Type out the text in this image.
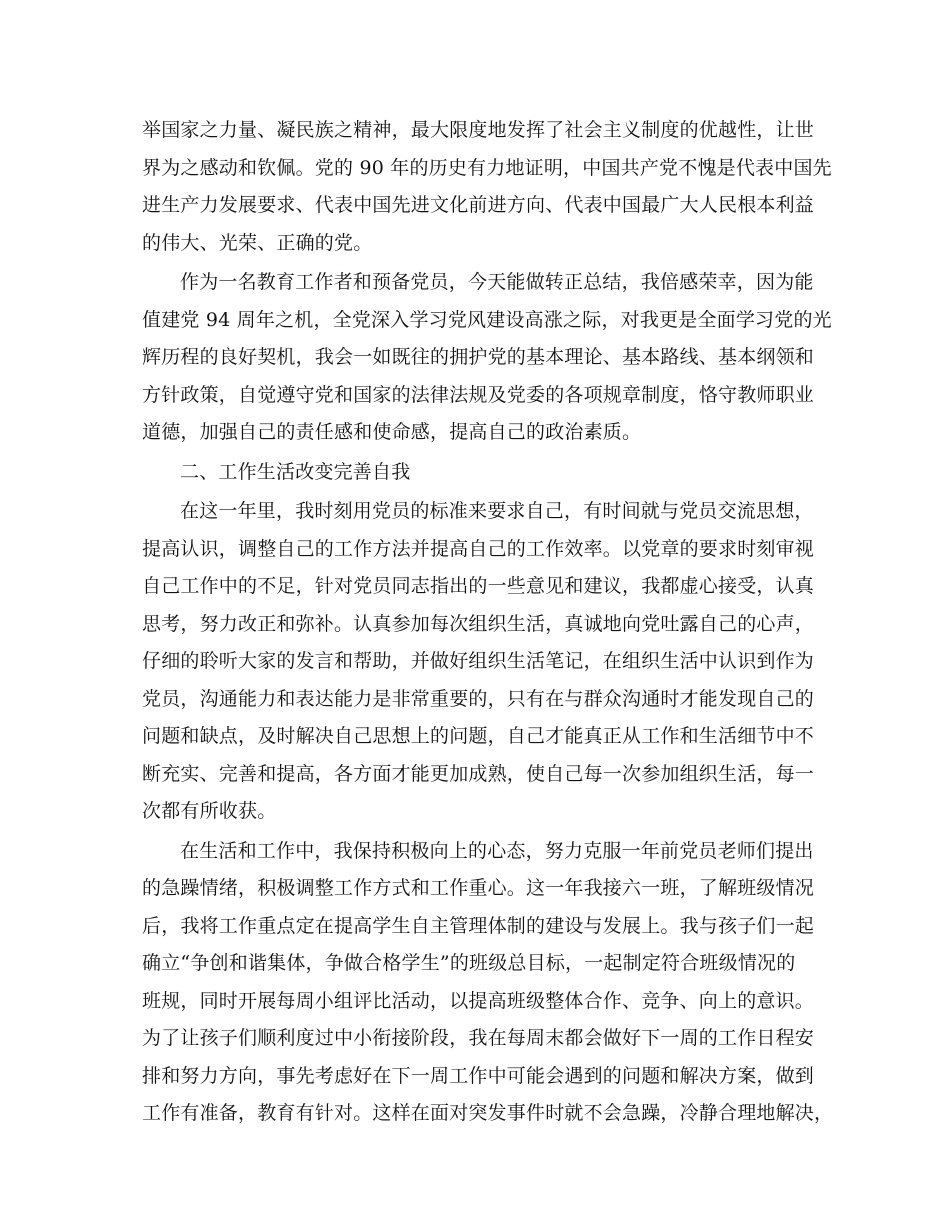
举国家之力量、凝民族之精神，最大限度地发挥了社会主义制度的优越性，让世
界为之感动和钦佩。党的 90 年的历史有力地证明，中国共产党不愧是代表中国先
进生产力发展要求、代表中国先进文化前进方向、代表中国最广大人民根本利益
的伟大、光荣、正确的党。

作为一名教育工作者和预备党员，今天能做转正总结，我倍感荣幸，因为能
值建党 94 周年之机，全党深入学习党风建设高涨之际，对我更是全面学习党的光
辉历程的良好契机，我会一如既往的拥护党的基本理论、基本路线、基本纲领和
方针政策，自觉遵守党和国家的法律法规及党委的各项规章制度，恪守教师职业
道德，加强自己的责任感和使命感，提高自己的政治素质。

二、工作生活改变完善自我

在这一年里，我时刻用党员的标准来要求自己，有时间就与党员交流思想，
提高认识，调整自己的工作方法并提高自己的工作效率。以党章的要求时刻审视
自己工作中的不足，针对党员同志指出的一些意见和建议，我都虚心接受，认真
思考，努力改正和弥补。认真参加每次组织生活，真诚地向党吐露自己的心声，
仔细的聆听大家的发言和帮助，并做好组织生活笔记，在组织生活中认识到作为
党员，沟通能力和表达能力是非常重要的，只有在与群众沟通时才能发现自己的
问题和缺点，及时解决自己思想上的问题，自己才能真正从工作和生活细节中不
断充实、完善和提高，各方面才能更加成熟，使自己每一次参加组织生活，每一
次都有所收获。

在生活和工作中，我保持积极向上的心态，努力克服一年前党员老师们提出
的急躁情绪，积极调整工作方式和工作重心。这一年我接六一班，了解班级情况
后，我将工作重点定在提高学生自主管理体制的建设与发展上。我与孩子们一起
确立“争创和谐集体，争做合格学生”的班级总目标，一起制定符合班级情况的
班规，同时开展每周小组评比活动，以提高班级整体合作、竞争、向上的意识。
为了让孩子们顺利度过中小衔接阶段，我在每周末都会做好下一周的工作日程安
排和努力方向，事先考虑好在下一周工作中可能会遇到的问题和解决方案，做到
工作有准备，教育有针对。这样在面对突发事件时就不会急躁，冷静合理地解决，
